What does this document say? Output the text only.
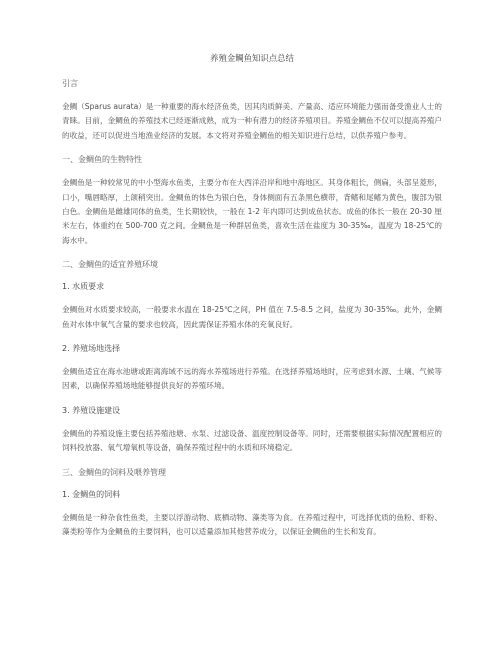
养殖金鲷鱼知识点总结
引言
金鲷（Sparus aurata）是一种重要的海水经济鱼类，因其肉质鲜美、产量高、适应环境能力强而备受渔业人士的青睐。目前，金鲷鱼的养殖技术已经逐渐成熟，成为一种有潜力的经济养殖项目。养殖金鲷鱼不仅可以提高养殖户的收益，还可以促进当地渔业经济的发展。本文将对养殖金鲷鱼的相关知识进行总结，以供养殖户参考。
一、金鲷鱼的生物特性
金鲷鱼是一种较常见的中小型海水鱼类，主要分布在大西洋沿岸和地中海地区。其身体粗长，侧扁，头部呈菱形，口小，嘴唇略厚，上颌稍突出。金鲷鱼的体色为银白色，身体侧面有五条黑色横带，背鳍和尾鳍为黄色，腹部为银白色。金鲷鱼是雌雄同体的鱼类，生长期较快，一般在 1-2 年内即可达到成鱼状态。成鱼的体长一般在 20-30 厘米左右，体重约在 500-700 克之间。金鲷鱼是一种群居鱼类，喜欢生活在盐度为 30-35‰，温度为 18-25℃的海水中。
二、金鲷鱼的适宜养殖环境
1. 水质要求
金鲷鱼对水质要求较高，一般要求水温在 18-25℃之间，PH 值在 7.5-8.5 之间，盐度为 30-35‰。此外，金鲷鱼对水体中氧气含量的要求也较高，因此需保证养殖水体的充氧良好。
2. 养殖场地选择
金鲷鱼适宜在海水池塘或距离海域不远的海水养殖场进行养殖。在选择养殖场地时，应考虑到水源、土壤、气候等因素，以确保养殖场地能够提供良好的养殖环境。
3. 养殖设施建设
金鲷鱼的养殖设施主要包括养殖池塘、水泵、过滤设备、温度控制设备等。同时，还需要根据实际情况配置相应的饲料投放器、氧气增氧机等设备，确保养殖过程中的水质和环境稳定。
三、金鲷鱼的饲料及喂养管理
1. 金鲷鱼的饲料
金鲷鱼是一种杂食性鱼类，主要以浮游动物、底栖动物、藻类等为食。在养殖过程中，可选择优质的鱼粉、虾粉、藻类粉等作为金鲷鱼的主要饲料，也可以适量添加其他营养成分，以保证金鲷鱼的生长和发育。
